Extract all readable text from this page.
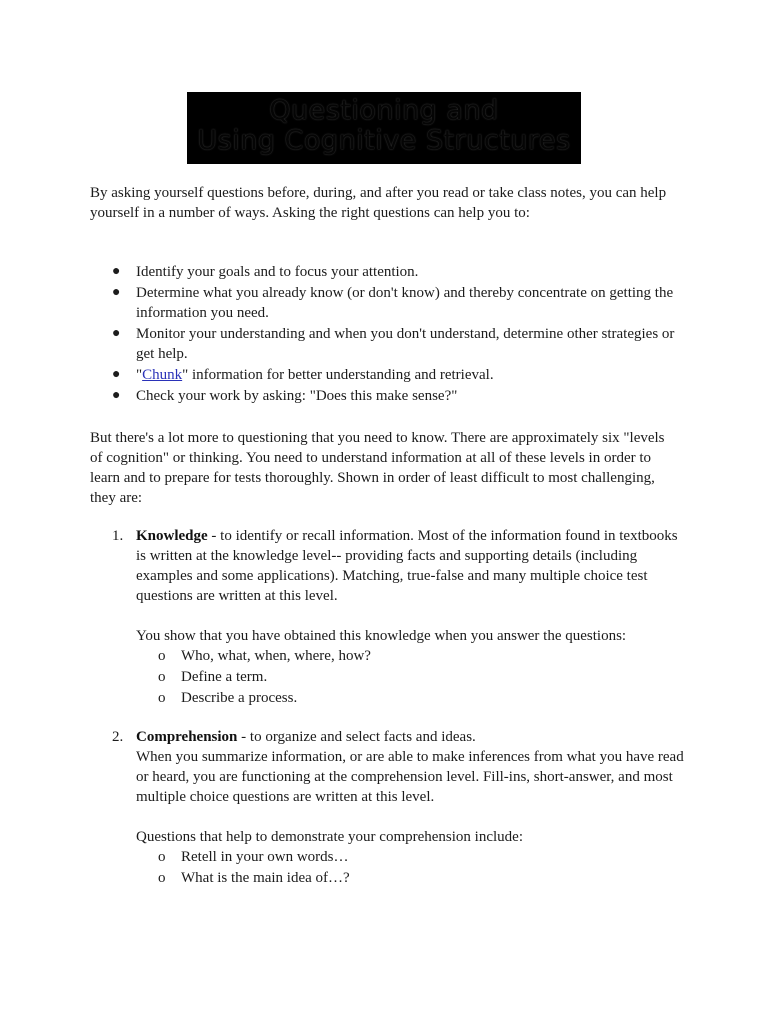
Questioning and
Using Cognitive Structures

By asking yourself questions before, during, and after you read or take class notes, you can help yourself in a number of ways. Asking the right questions can help you to:

● Identify your goals and to focus your attention.
● Determine what you already know (or don't know) and thereby concentrate on getting the information you need.
● Monitor your understanding and when you don't understand, determine other strategies or get help.
● "Chunk" information for better understanding and retrieval.
● Check your work by asking: "Does this make sense?"

But there's a lot more to questioning that you need to know. There are approximately six "levels of cognition" or thinking. You need to understand information at all of these levels in order to learn and to prepare for tests thoroughly. Shown in order of least difficult to most challenging, they are:

1. Knowledge - to identify or recall information. Most of the information found in textbooks is written at the knowledge level-- providing facts and supporting details (including examples and some applications). Matching, true-false and many multiple choice test questions are written at this level.

You show that you have obtained this knowledge when you answer the questions:

o Who, what, when, where, how?
o Define a term.
o Describe a process.
2. Comprehension - to organize and select facts and ideas.

When you summarize information, or are able to make inferences from what you have read or heard, you are functioning at the comprehension level. Fill-ins, short-answer, and most multiple choice questions are written at this level.

Questions that help to demonstrate your comprehension include:

o Retell in your own words…
o What is the main idea of…?
